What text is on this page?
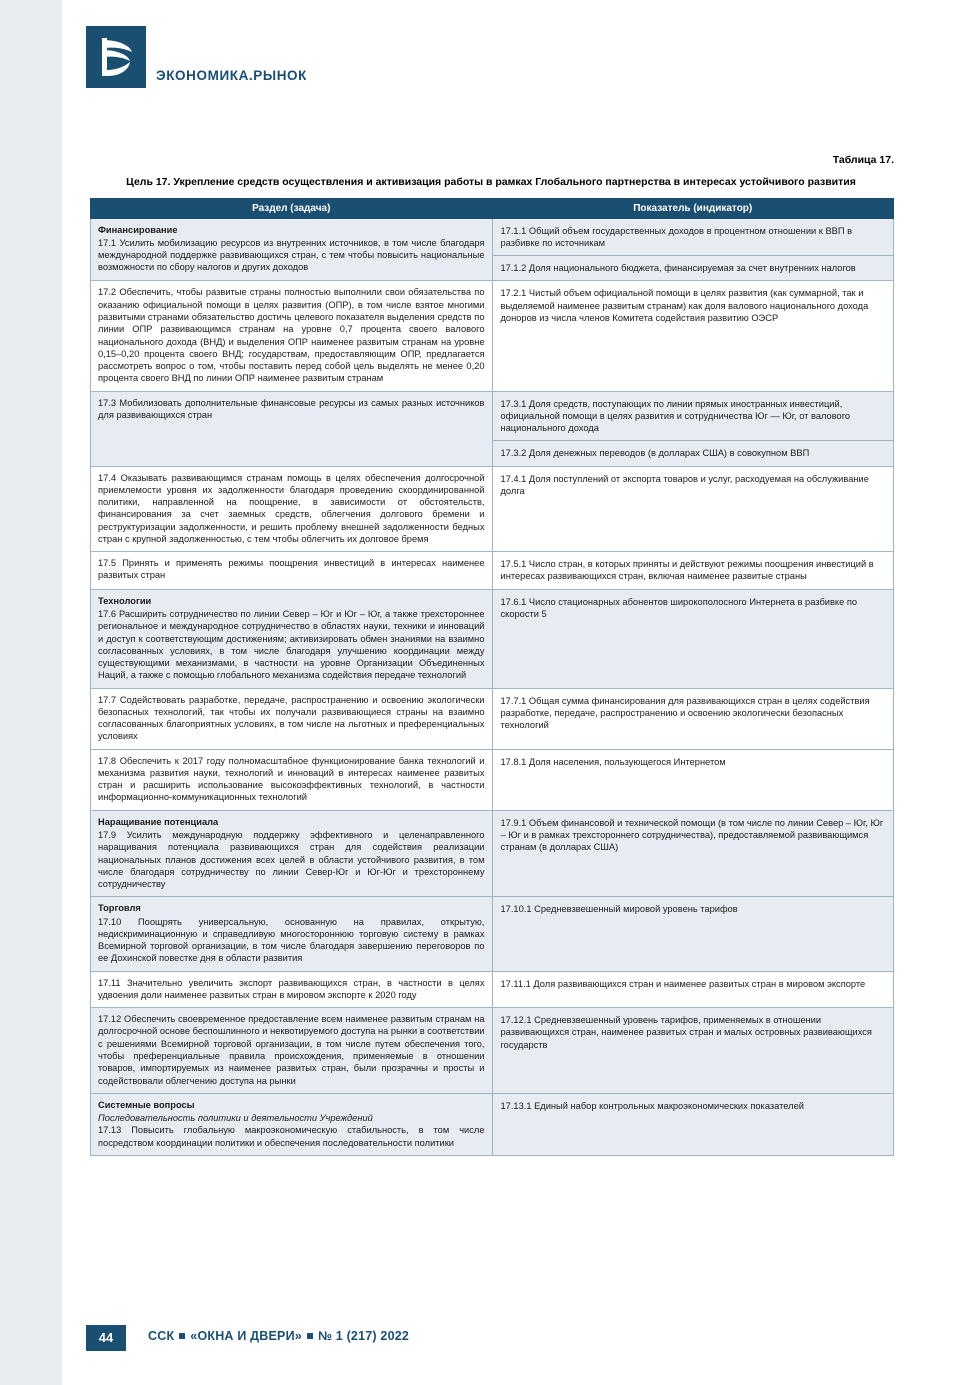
ЭКОНОМИКА.РЫНОК
Таблица 17.
Цель 17. Укрепление средств осуществления и активизация работы в рамках Глобального партнерства в интересах устойчивого развития
Раздел (задача)	Показатель (индикатор)

Финансирование
17.1 Усилить мобилизацию ресурсов из внутренних источников, в том числе благодаря международной поддержке развивающихся стран, с тем чтобы повысить национальные возможности по сбору налогов и других доходов	
17.1.1 Общий объем государственных доходов в процентном отношении к ВВП в разбивке по источникам
17.1.2 Доля национального бюджета, финансируемая за счет внутренних налогов

17.2 Обеспечить, чтобы развитые страны полностью выполнили свои обязательства по оказанию официальной помощи в целях развития (ОПР), в том числе взятое многими развитыми странами обязательство достичь целевого показателя выделения средств по линии ОПР развивающимся странам на уровне 0,7 процента своего валового национального дохода (ВНД) и выделения ОПР наименее развитым странам на уровне 0,15–0,20 процента своего ВНД; государствам, предоставляющим ОПР, предлагается рассмотреть вопрос о том, чтобы поставить перед собой цель выделять не менее 0,20 процента своего ВНД по линии ОПР наименее развитым странам	
17.2.1 Чистый объем официальной помощи в целях развития (как суммарной, так и выделяемой наименее развитым странам) как доля валового национального дохода доноров из числа членов Комитета содействия развитию ОЭСР

17.3 Мобилизовать дополнительные финансовые ресурсы из самых разных источников для развивающихся стран	
17.3.1 Доля средств, поступающих по линии прямых иностранных инвестиций, официальной помощи в целях развития и сотрудничества Юг — Юг, от валового национального дохода
17.3.2 Доля денежных переводов (в долларах США) в совокупном ВВП

17.4 Оказывать развивающимся странам помощь в целях обеспечения долгосрочной приемлемости уровня их задолженности благодаря проведению скоординированной политики, направленной на поощрение, в зависимости от обстоятельств, финансирования за счет заемных средств, облегчения долгового бремени и реструктуризации задолженности, и решить проблему внешней задолженности бедных стран с крупной задолженностью, с тем чтобы облегчить их долговое бремя	
17.4.1 Доля поступлений от экспорта товаров и услуг, расходуемая на обслуживание долга

17.5 Принять и применять режимы поощрения инвестиций в интересах наименее развитых стран	
17.5.1 Число стран, в которых приняты и действуют режимы поощрения инвестиций в интересах развивающихся стран, включая наименее развитые страны

Технологии
17.6 Расширить сотрудничество по линии Север – Юг и Юг – Юг, а также трехстороннее региональное и международное сотрудничество в областях науки, техники и инноваций и доступ к соответствующим достижениям; активизировать обмен знаниями на взаимно согласованных условиях, в том числе благодаря улучшению координации между существующими механизмами, в частности на уровне Организации Объединенных Наций, а также с помощью глобального механизма содействия передаче технологий	
17.6.1 Число стационарных абонентов широкополосного Интернета в разбивке по скорости 5

17.7 Содействовать разработке, передаче, распространению и освоению экологически безопасных технологий, так чтобы их получали развивающиеся страны на взаимно согласованных благоприятных условиях, в том числе на льготных и преференциальных условиях	
17.7.1 Общая сумма финансирования для развивающихся стран в целях содействия разработке, передаче, распространению и освоению экологически безопасных технологий

17.8 Обеспечить к 2017 году полномасштабное функционирование банка технологий и механизма развития науки, технологий и инноваций в интересах наименее развитых стран и расширить использование высокоэффективных технологий, в частности информационно-коммуникационных технологий	
17.8.1 Доля населения, пользующегося Интернетом

Наращивание потенциала
17.9 Усилить международную поддержку эффективного и целенаправленного наращивания потенциала развивающихся стран для содействия реализации национальных планов достижения всех целей в области устойчивого развития, в том числе благодаря сотрудничеству по линии Север-Юг и Юг-Юг и трехстороннему сотрудничеству	
17.9.1 Объем финансовой и технической помощи (в том числе по линии Север – Юг, Юг – Юг и в рамках трехстороннего сотрудничества), предоставляемой развивающимся странам (в долларах США)

Торговля
17.10 Поощрять универсальную, основанную на правилах, открытую, недискриминационную и справедливую многостороннюю торговую систему в рамках Всемирной торговой организации, в том числе благодаря завершению переговоров по ее Дохинской повестке дня в области развития	
17.10.1 Средневзвешенный мировой уровень тарифов

17.11 Значительно увеличить экспорт развивающихся стран, в частности в целях удвоения доли наименее развитых стран в мировом экспорте к 2020 году	
17.11.1 Доля развивающихся стран и наименее развитых стран в мировом экспорте

17.12 Обеспечить своевременное предоставление всем наименее развитым странам на долгосрочной основе беспошлинного и неквотируемого доступа на рынки в соответствии с решениями Всемирной торговой организации, в том числе путем обеспечения того, чтобы преференциальные правила происхождения, применяемые в отношении товаров, импортируемых из наименее развитых стран, были прозрачны и просты и содействовали облегчению доступа на рынки	
17.12.1 Средневзвешенный уровень тарифов, применяемых в отношении развивающихся стран, наименее развитых стран и малых островных развивающихся государств

Системные вопросы
Последовательность политики и деятельности Учреждений
17.13 Повысить глобальную макроэкономическую стабильность, в том числе посредством координации политики и обеспечения последовательности политики	
17.13.1 Единый набор контрольных макроэкономических показателей
44	ССК «ОКНА И ДВЕРИ» № 1 (217) 2022
